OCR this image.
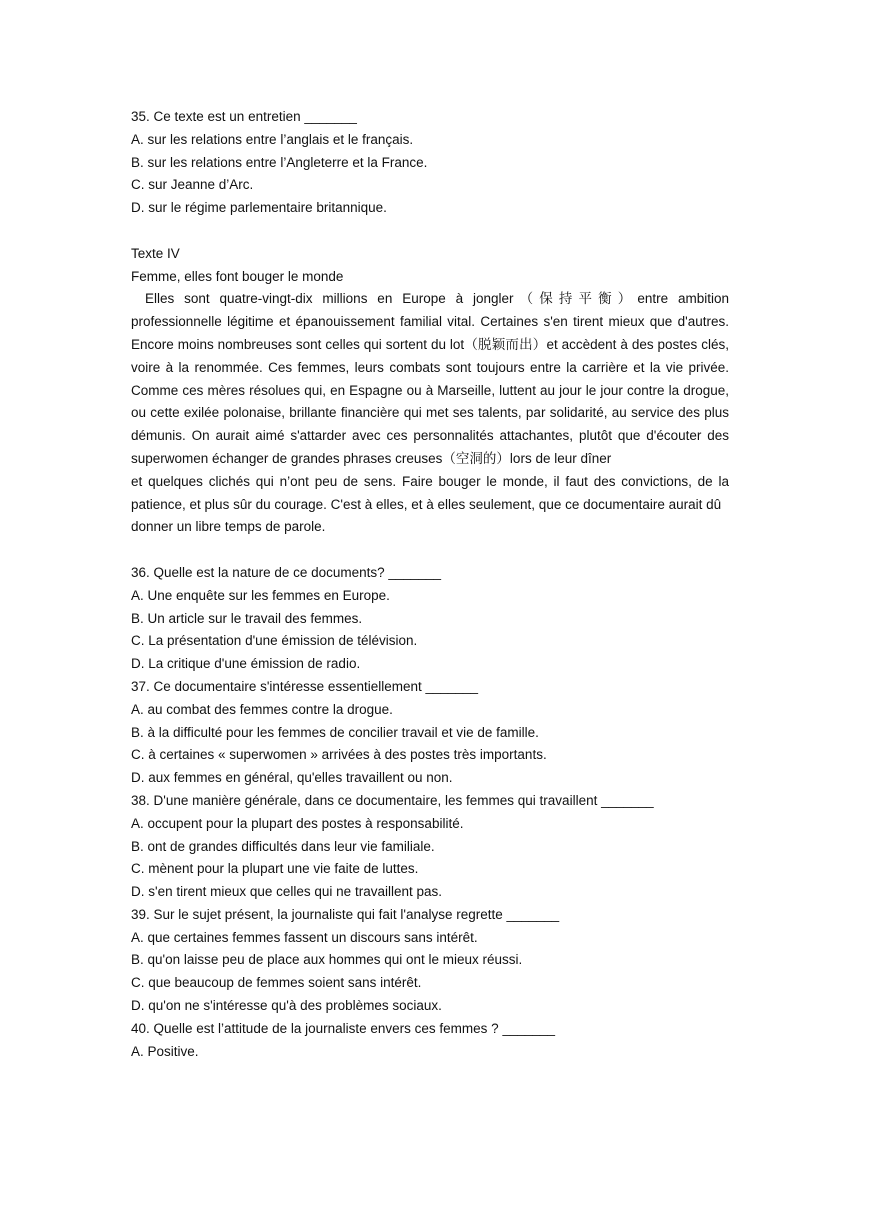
35. Ce texte est un entretien _______
A. sur les relations entre l’anglais et le français.
B. sur les relations entre l’Angleterre et la France.
C. sur Jeanne d’Arc.
D. sur le régime parlementaire britannique.
Texte IV
Femme, elles font bouger le monde
Elles sont quatre-vingt-dix millions en Europe à jongler（保持平衡）entre ambition professionnelle légitime et épanouissement familial vital. Certaines s'en tirent mieux que d'autres. Encore moins nombreuses sont celles qui sortent du lot（脱颖而出）et accèdent à des postes clés, voire à la renommée. Ces femmes, leurs combats sont toujours entre la carrière et la vie privée. Comme ces mères résolues qui, en Espagne ou à Marseille, luttent au jour le jour contre la drogue, ou cette exilée polonaise, brillante financière qui met ses talents, par solidarité, au service des plus démunis. On aurait aimé s'attarder avec ces personnalités attachantes, plutôt que d'écouter des superwomen échanger de grandes phrases creuses（空洞的）lors de leur dîner
et quelques clichés qui n’ont peu de sens. Faire bouger le monde, il faut des convictions, de la patience, et plus sûr du courage. C'est à elles, et à elles seulement, que ce documentaire aurait dû
donner un libre temps de parole.
36. Quelle est la nature de ce documents? _______
A. Une enquête sur les femmes en Europe.
B. Un article sur le travail des femmes.
C. La présentation d'une émission de télévision.
D. La critique d'une émission de radio.
37. Ce documentaire s'intéresse essentiellement _______
A. au combat des femmes contre la drogue.
B. à la difficulté pour les femmes de concilier travail et vie de famille.
C. à certaines « superwomen » arrivées à des postes très importants.
D. aux femmes en général, qu'elles travaillent ou non.
38. D'une manière générale, dans ce documentaire, les femmes qui travaillent _______
A. occupent pour la plupart des postes à responsabilité.
B. ont de grandes difficultés dans leur vie familiale.
C. mènent pour la plupart une vie faite de luttes.
D. s'en tirent mieux que celles qui ne travaillent pas.
39. Sur le sujet présent, la journaliste qui fait l'analyse regrette _______
A. que certaines femmes fassent un discours sans intérêt.
B. qu'on laisse peu de place aux hommes qui ont le mieux réussi.
C. que beaucoup de femmes soient sans intérêt.
D. qu'on ne s'intéresse qu'à des problèmes sociaux.
40. Quelle est l’attitude de la journaliste envers ces femmes ? _______
A. Positive.
